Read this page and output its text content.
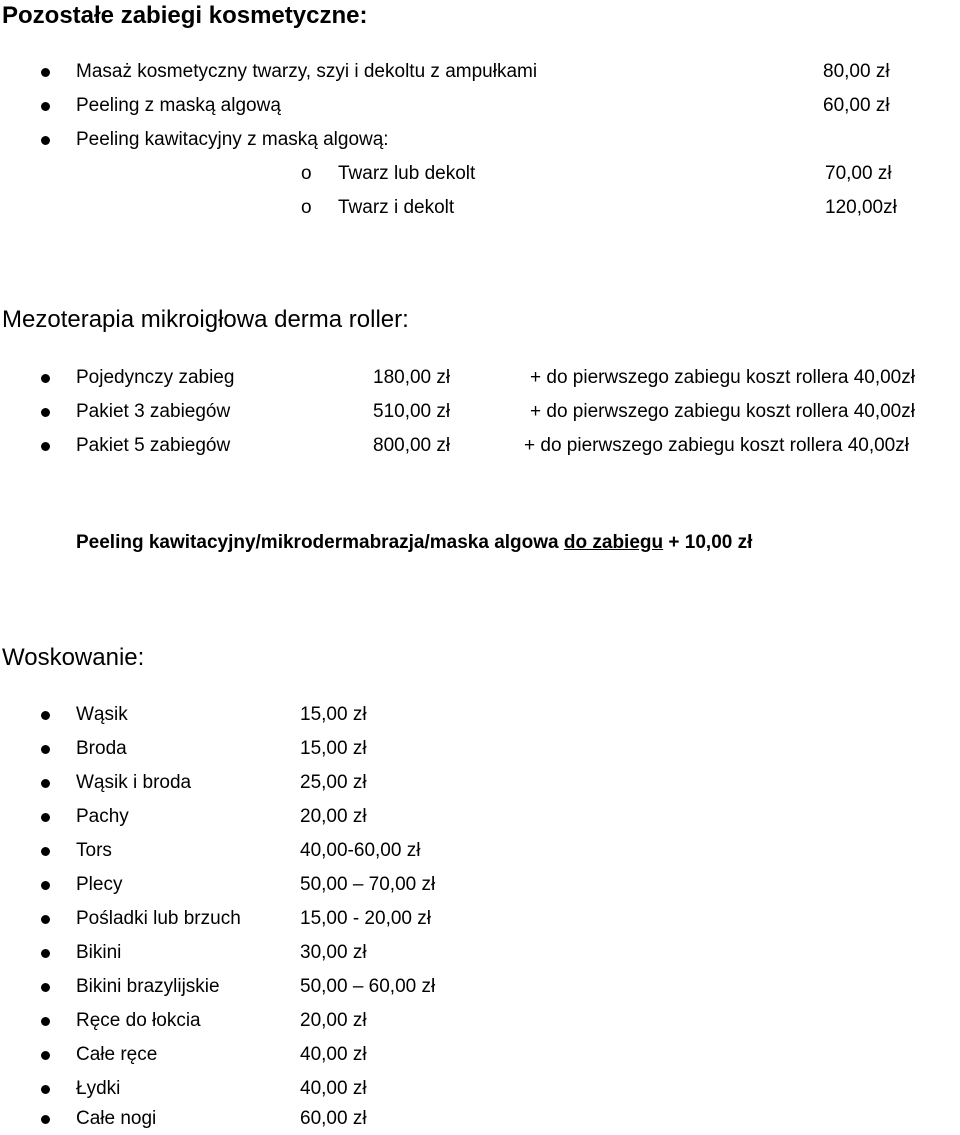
Pozostałe zabiegi kosmetyczne:
Masaż kosmetyczny twarzy, szyi i dekoltu z ampułkami	80,00 zł
Peeling z maską algową	60,00 zł
Peeling kawitacyjny z maską algową:
o Twarz lub dekolt	70,00 zł
o Twarz i dekolt	120,00zł
Mezoterapia mikroigłowa derma roller:
Pojedynczy zabieg	180,00 zł	+ do pierwszego zabiegu koszt rollera 40,00zł
Pakiet 3 zabiegów	510,00 zł	+ do pierwszego zabiegu koszt rollera 40,00zł
Pakiet 5 zabiegów	800,00 zł	+ do pierwszego zabiegu koszt rollera 40,00zł
Peeling kawitacyjny/mikrodermabrazja/maska algowa do zabiegu + 10,00 zł
Woskowanie:
Wąsik	15,00 zł
Broda	15,00 zł
Wąsik i broda	25,00 zł
Pachy	20,00 zł
Tors	40,00-60,00 zł
Plecy	50,00 – 70,00 zł
Pośladki lub brzuch	15,00 - 20,00 zł
Bikini	30,00 zł
Bikini brazylijskie	50,00 – 60,00 zł
Ręce do łokcia	20,00 zł
Całe ręce	40,00 zł
Łydki	40,00 zł
Całe nogi	60,00 zł
